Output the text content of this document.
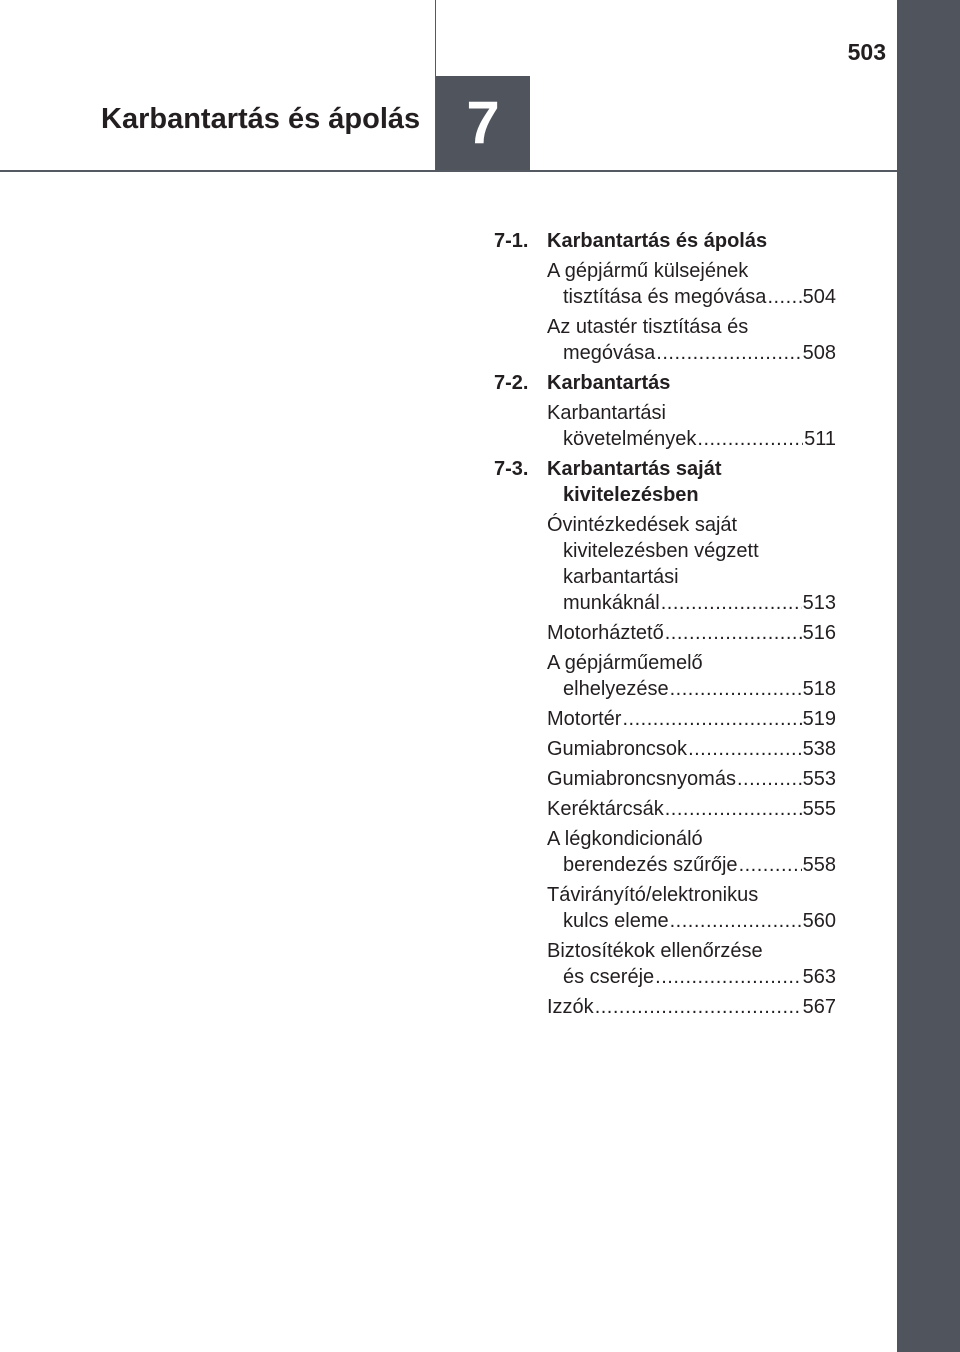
7
Karbantartás és ápolás
503
7-1. Karbantartás és ápolás
A gépjármű külsejének
tisztítása és megóvása ..... 504
Az utastér tisztítása és
megóvása .....	508
7-2. Karbantartás
Karbantartási
követelmények .....	511
7-3. Karbantartás saját kivitelezésben
Óvintézkedések saját
kivitelezésben végzett
karbantartási
munkáknál .....	513
Motorháztető .....	516
A gépjárműemelő
elhelyezése .....	518
Motortér .....	519
Gumiabroncsok .....	538
Gumiabroncsnyomás .....	553
Keréktárcsák .....	555
A légkondicionáló
berendezés szűrője .....	558
Távirányító/elektronikus
kulcs eleme .....	560
Biztosítékok ellenőrzése
és cseréje .....	563
Izzók .....	567
